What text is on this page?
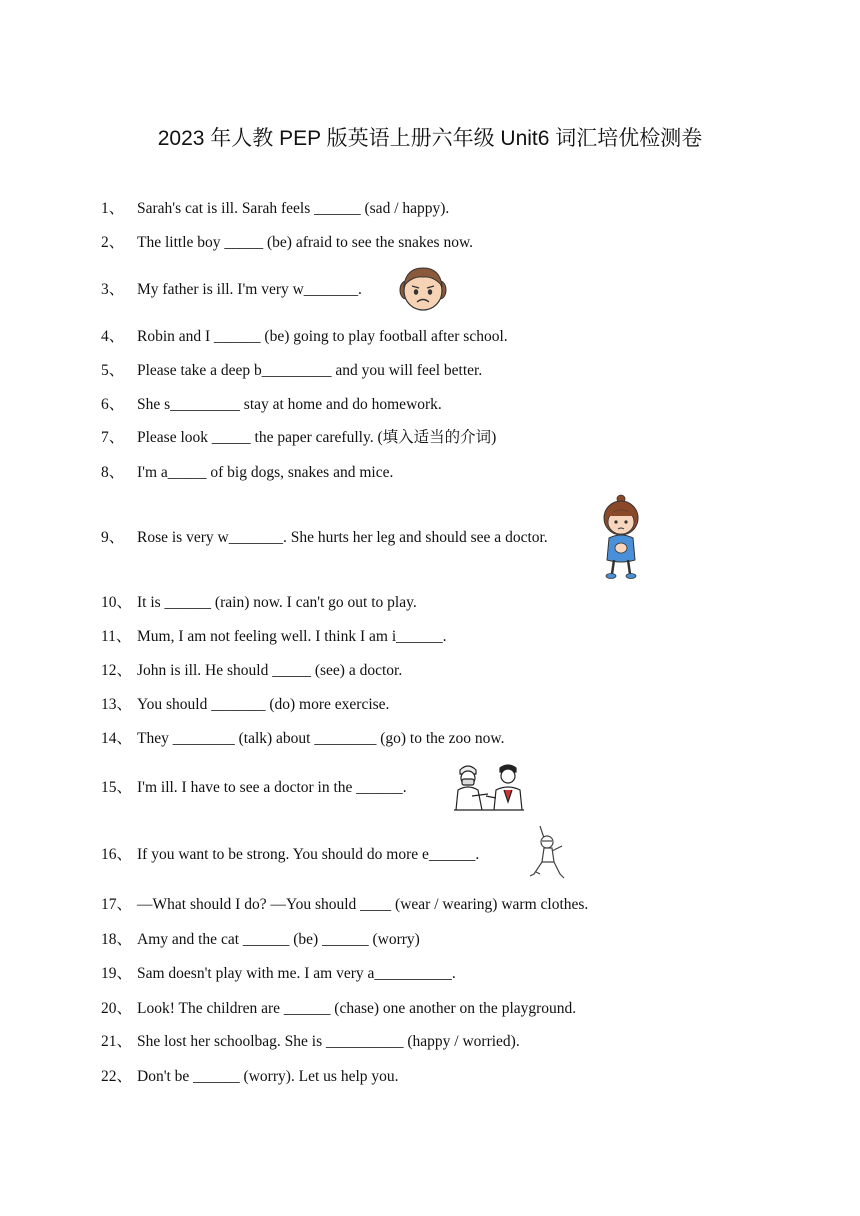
2023 年人教 PEP 版英语上册六年级 Unit6 词汇培优检测卷
1、 Sarah's cat is ill. Sarah feels ______ (sad / happy).
2、 The little boy _____ (be) afraid to see the snakes now.
3、 My father is ill. I'm very w_______.
4、 Robin and I ______ (be) going to play football after school.
5、 Please take a deep b_________ and you will feel better.
6、 She s_________ stay at home and do homework.
7、 Please look _____ the paper carefully. (填入适当的介词)
8、 I'm a_____ of big dogs, snakes and mice.
9、 Rose is very w_______. She hurts her leg and should see a doctor.
10、 It is ______ (rain) now. I can't go out to play.
11、 Mum, I am not feeling well. I think I am i______.
12、 John is ill. He should _____ (see) a doctor.
13、 You should _______ (do) more exercise.
14、 They ________ (talk) about ________ (go) to the zoo now.
15、 I'm ill. I have to see a doctor in the ______.
16、 If you want to be strong. You should do more e______.
17、 —What should I do? —You should ____ (wear / wearing) warm clothes.
18、 Amy and the cat ______ (be) ______ (worry)
19、 Sam doesn't play with me. I am very a__________.
20、 Look! The children are ______ (chase) one another on the playground.
21、 She lost her schoolbag. She is __________ (happy / worried).
22、 Don't be ______ (worry). Let us help you.
